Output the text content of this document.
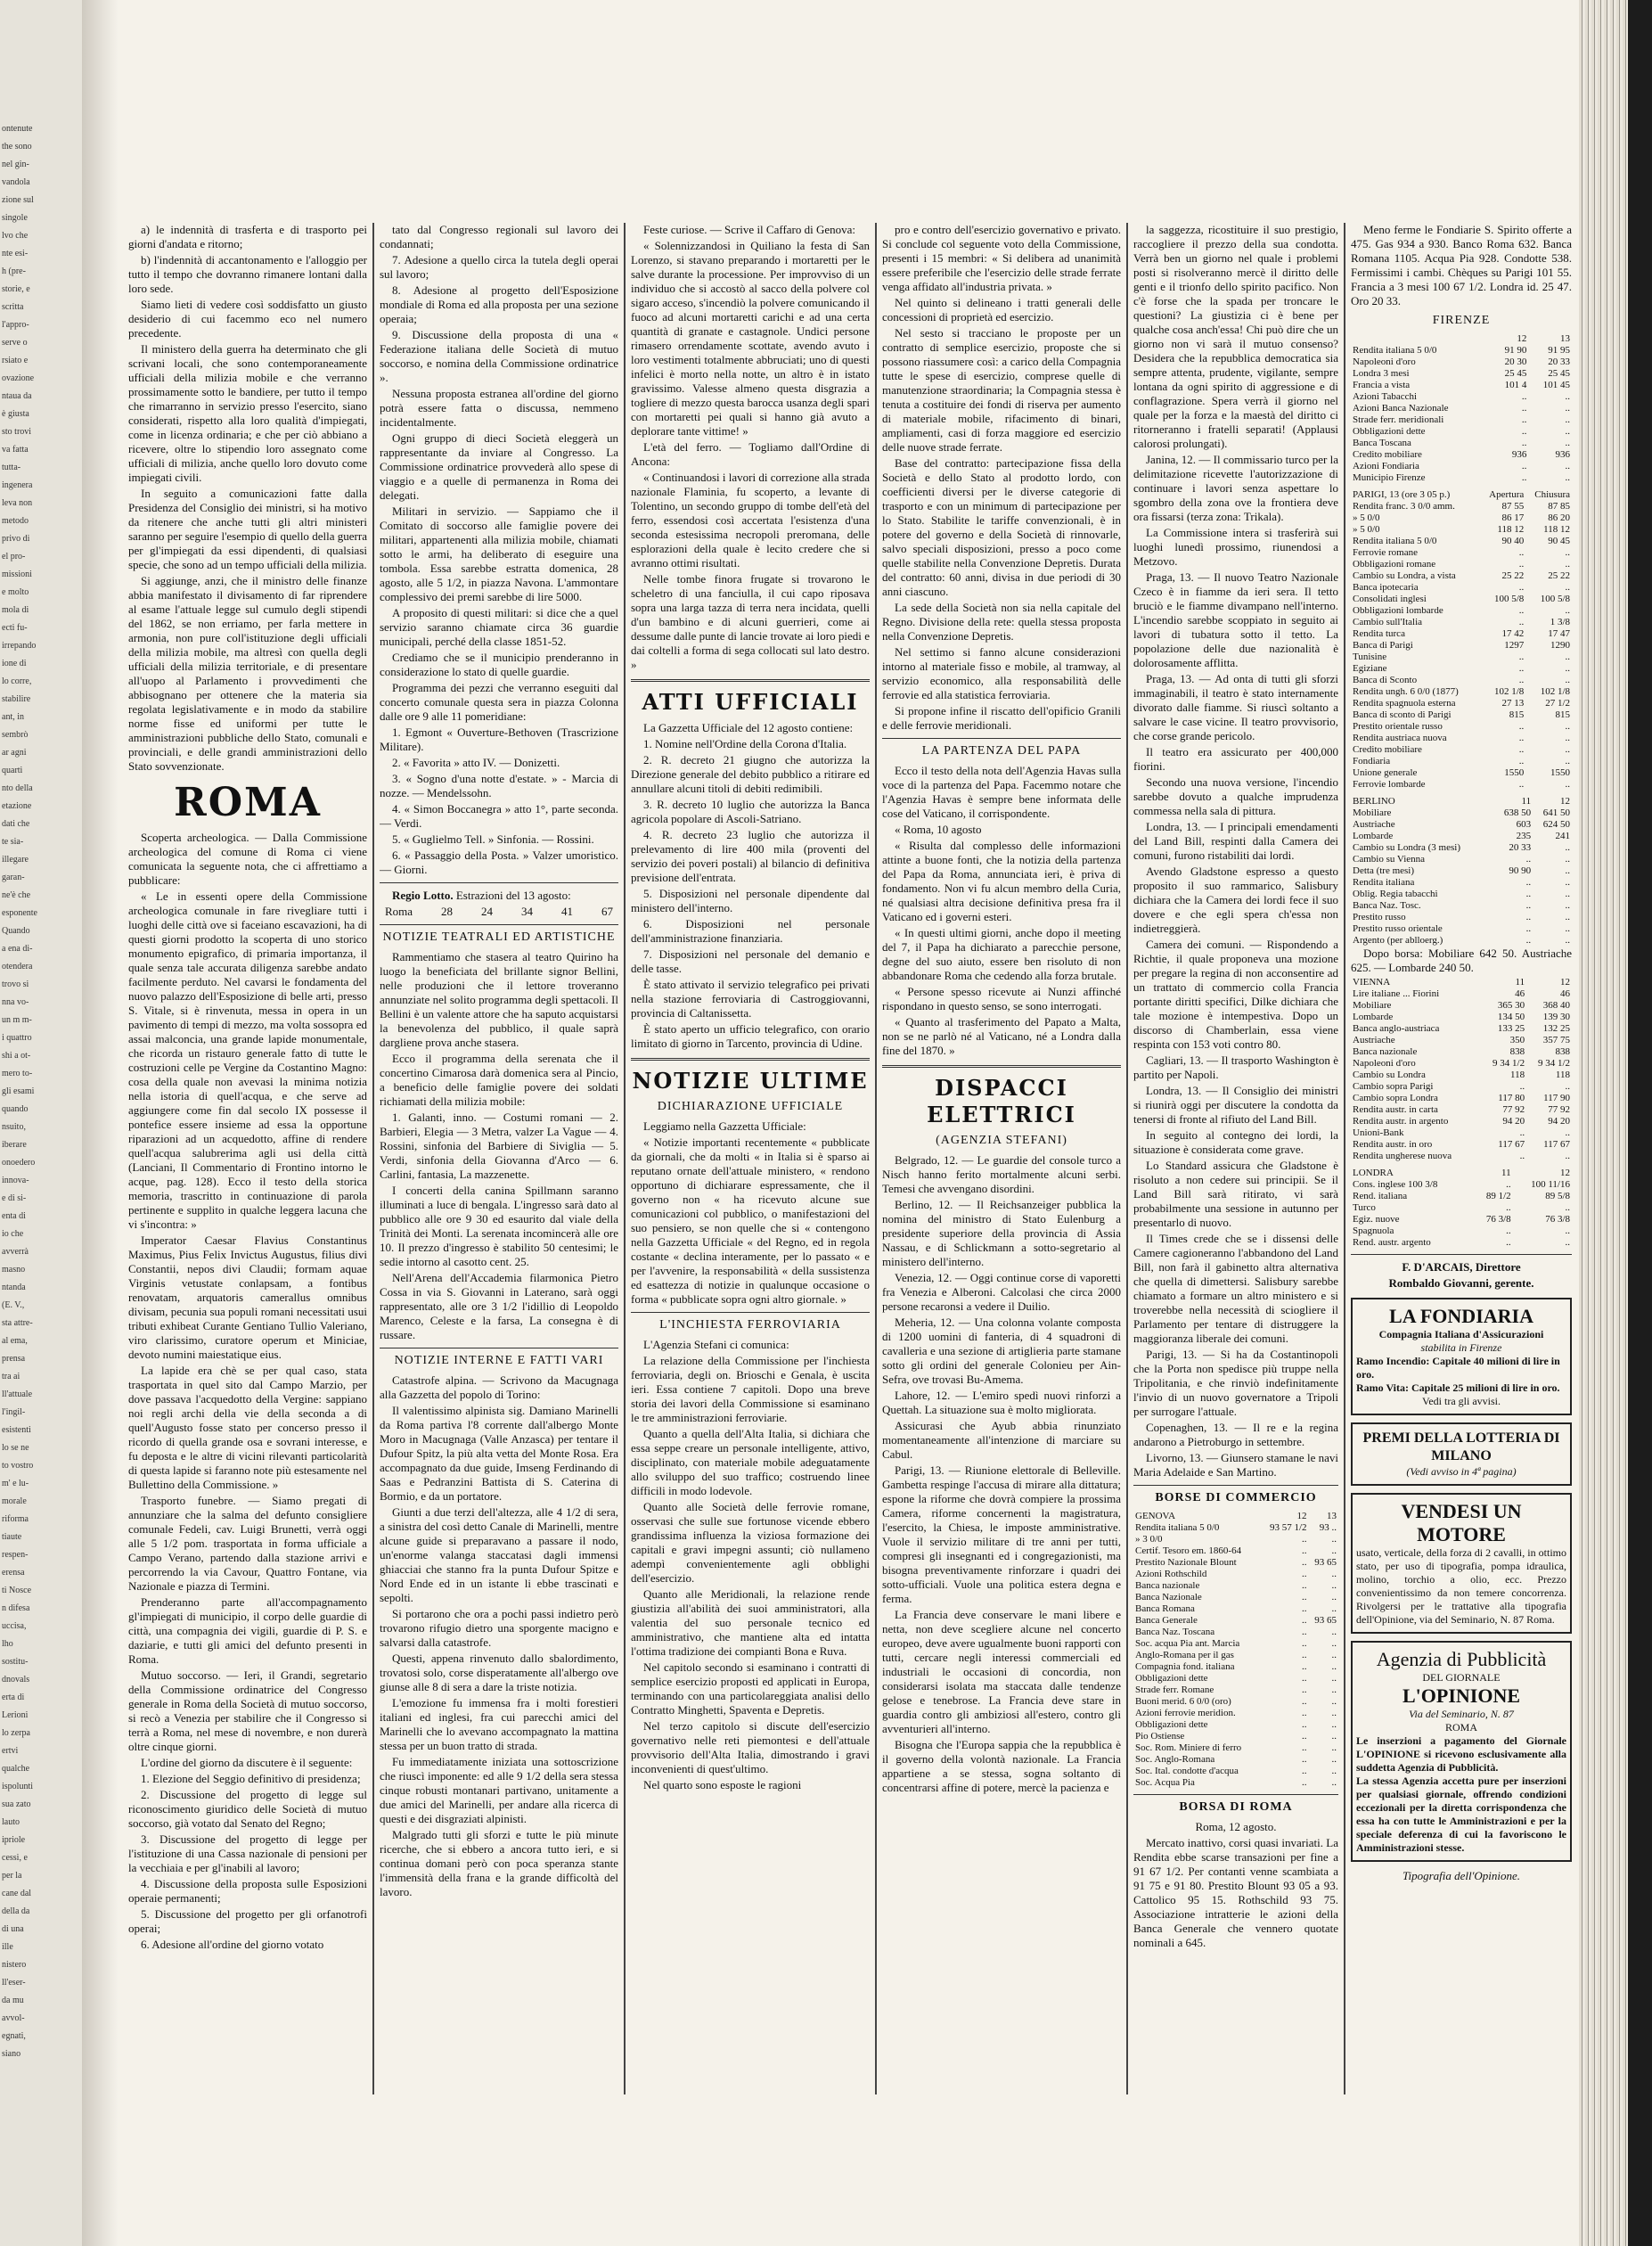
ontenute
the sono
nel gin-
vandola
zione sul
singole
lvo che
nte esi-
h (pre-
storie, e
scritta
l'appro-
serve o
rsiato e
ovazione
ntaua da
è giusta
sto trovi
va fatta
tutta-
ingenera
leva non
metodo
privo di
el pro-
missioni
e molto
mola di
ecti fu-
irrepando
ione di
lo corre,
stabilire
ant, in
sembrò
ar agni
quarti
nto della
etazione
dati che
te sia-
illegare
garan-
ne'è che
esponente
Quando
a ena di-
otendera
trovo si
nna vo-
un m m-
i quattro
shi a ot-
mero to-
gli esami
quando
nsuito,
iberare
onoedero
innova-
e di si-
enta di
io che
avverrà
masno
ntanda
(E. V.,
sta attre-
al ema,
prensa
tra ai
ll'attuale
l'ingil-
esistenti
lo se ne
to vostro
m' e lu-
morale
riforma
tiaute
respen-
erensa
ti Nosce
n difesa
uccisa,
lho
sostitu-
dnovals
erta di
Lerioni
lo zerpa
ertvi
qualche
ispolunti
sua zato
lauto
ipriole
cessi, e
per la
cane dal
della da
di una
ille
nistero
ll'eser-
da mu
avvol-
egnati,
siano

a) le indennità di trasferta e di trasporto pei giorni d'andata e ritorno;

b) l'indennità di accantonamento e l'alloggio per tutto il tempo che dovranno rimanere lontani dalla loro sede.

Siamo lieti di vedere così soddisfatto un giusto desiderio di cui facemmo eco nel numero precedente.

Il ministero della guerra ha determinato che gli scrivani locali, che sono contemporaneamente ufficiali della milizia mobile e che verranno prossimamente sotto le bandiere, per tutto il tempo che rimarranno in servizio presso l'esercito, siano considerati, rispetto alla loro qualità d'impiegati, come in licenza ordinaria; e che per ciò abbiano a ricevere, oltre lo stipendio loro assegnato come ufficiali di milizia, anche quello loro dovuto come impiegati civili.

In seguito a comunicazioni fatte dalla Presidenza del Consiglio dei ministri, si ha motivo da ritenere che anche tutti gli altri ministeri saranno per seguire l'esempio di quello della guerra per gl'impiegati da essi dipendenti, di qualsiasi specie, che sono ad un tempo ufficiali della milizia.

Si aggiunge, anzi, che il ministro delle finanze abbia manifestato il divisamento di far riprendere al esame l'attuale legge sul cumulo degli stipendi del 1862, se non erriamo, per farla mettere in armonia, non pure coll'istituzione degli ufficiali della milizia mobile, ma altresì con quella degli ufficiali della milizia territoriale, e di presentare all'uopo al Parlamento i provvedimenti che abbisognano per ottenere che la materia sia regolata legislativamente e in modo da stabilire norme fisse ed uniformi per tutte le amministrazioni pubbliche dello Stato, comunali e provinciali, e delle grandi amministrazioni dello Stato sovvenzionate.

ROMA

Scoperta archeologica. — Dalla Commissione archeologica del comune di Roma ci viene comunicata la seguente nota, che ci affrettiamo a pubblicare:

« Le in essenti opere della Commissione archeologica comunale in fare rivegliare tutti i luoghi delle città ove si faceiano escavazioni, ha di questi giorni prodotto la scoperta di uno storico monumento epigrafico, di primaria importanza, il quale senza tale accurata diligenza sarebbe andato facilmente perduto. Nel cavarsi le fondamenta del nuovo palazzo dell'Esposizione di belle arti, presso S. Vitale, si è rinvenuta, messa in opera in un pavimento di tempi di mezzo, ma volta sossopra ed assai malconcia, una grande lapide monumentale, che ricorda un ristauro generale fatto di tutte le costruzioni celle pe Vergine da Costantino Magno: cosa della quale non avevasi la minima notizia nella istoria di quell'acqua, e che serve ad aggiungere come fin dal secolo IX possesse il pontefice essere insieme ad essa la opportune riparazioni ad un acquedotto, affine di rendere quell'acqua salubrerima agli usi della città (Lanciani, Il Commentario di Frontino intorno le acque, pag. 128). Ecco il testo della storica memoria, trascritto in continuazione di parola pertinente e supplito in qualche leggera lacuna che vi s'incontra: »

Imperator Caesar Flavius Constantinus Maximus, Pius Felix Invictus Augustus, filius divi Constantii, nepos divi Claudii; formam aquae Virginis vetustate conlapsam, a fontibus renovatam, arquatoris camerallus omnibus divisam, pecunia sua populi romani necessitati usui tributi exhibeat Curante Gentiano Tullio Valeriano, viro clarissimo, curatore operum et Miniciae, devoto numini maiestatique eius.

La lapide era chè se per qual caso, stata trasportata in quel sito dal Campo Marzio, per dove passava l'acquedotto della Vergine: sappiano noi regli archi della vie della seconda a di quell'Augusto fosse stato per concerso presso il ricordo di quella grande osa e sovrani interesse, e fu deposta e le altre di vicini rilevanti particolarità di questa lapide si faranno note più estesamente nel Bullettino della Commissione. »

Trasporto funebre. — Siamo pregati di annunziare che la salma del defunto consigliere comunale Fedeli, cav. Luigi Brunetti, verrà oggi alle 5 1/2 pom. trasportata in forma ufficiale a Campo Verano, partendo dalla stazione arrivi e percorrendo la via Cavour, Quattro Fontane, via Nazionale e piazza di Termini.

Prenderanno parte all'accompagnamento gl'impiegati di municipio, il corpo delle guardie di città, una compagnia dei vigili, guardie di P. S. e daziarie, e tutti gli amici del defunto presenti in Roma.

Mutuo soccorso. — Ieri, il Grandi, segretario della Commissione ordinatrice del Congresso generale in Roma della Società di mutuo soccorso, si recò a Venezia per stabilire che il Congresso si terrà a Roma, nel mese di novembre, e non durerà oltre cinque giorni.

L'ordine del giorno da discutere è il seguente:

1. Elezione del Seggio definitivo di presidenza;

2. Discussione del progetto di legge sul riconoscimento giuridico delle Società di mutuo soccorso, già votato dal Senato del Regno;

3. Discussione del progetto di legge per l'istituzione di una Cassa nazionale di pensioni per la vecchiaia e per gl'inabili al lavoro;

4. Discussione della proposta sulle Esposizioni operaie permanenti;

5. Discussione del progetto per gli orfanotrofi operai;

6. Adesione all'ordine del giorno votato

tato dal Congresso regionali sul lavoro dei condannati;

7. Adesione a quello circa la tutela degli operai sul lavoro;

8. Adesione al progetto dell'Esposizione mondiale di Roma ed alla proposta per una sezione operaia;

9. Discussione della proposta di una « Federazione italiana delle Società di mutuo soccorso, e nomina della Commissione ordinatrice ».

Nessuna proposta estranea all'ordine del giorno potrà essere fatta o discussa, nemmeno incidentalmente.

Ogni gruppo di dieci Società eleggerà un rappresentante da inviare al Congresso. La Commissione ordinatrice provvederà allo spese di viaggio e a quelle di permanenza in Roma dei delegati.

Militari in servizio. — Sappiamo che il Comitato di soccorso alle famiglie povere dei militari, appartenenti alla milizia mobile, chiamati sotto le armi, ha deliberato di eseguire una tombola. Essa sarebbe estratta domenica, 28 agosto, alle 5 1/2, in piazza Navona. L'ammontare complessivo dei premi sarebbe di lire 5000.

A proposito di questi militari: si dice che a quel servizio saranno chiamate circa 36 guardie municipali, perché della classe 1851-52.

Crediamo che se il municipio prenderanno in considerazione lo stato di quelle guardie.

Programma dei pezzi che verranno eseguiti dal concerto comunale questa sera in piazza Colonna dalle ore 9 alle 11 pomeridiane:

1. Egmont « Ouverture-Bethoven (Trascrizione Militare).

2. « Favorita » atto IV. — Donizetti.

3. « Sogno d'una notte d'estate. » - Marcia di nozze. — Mendelssohn.

4. « Simon Boccanegra » atto 1°, parte seconda. — Verdi.

5. « Guglielmo Tell. » Sinfonia. — Rossini.

6. « Passaggio della Posta. » Valzer umoristico. — Giorni.

Regio Lotto. Estrazioni del 13 agosto:

Roma 28 24 34 41 67
NOTIZIE TEATRALI ED ARTISTICHE

Rammentiamo che stasera al teatro Quirino ha luogo la beneficiata del brillante signor Bellini, nelle produzioni che il lettore troveranno annunziate nel solito programma degli spettacoli. Il Bellini è un valente attore che ha saputo acquistarsi la benevolenza del pubblico, il quale saprà dargliene prova anche stasera.

Ecco il programma della serenata che il concertino Cimarosa darà domenica sera al Pincio, a beneficio delle famiglie povere dei soldati richiamati della milizia mobile:

1. Galanti, inno. — Costumi romani — 2. Barbieri, Elegia — 3 Metra, valzer La Vague — 4. Rossini, sinfonia del Barbiere di Siviglia — 5. Verdi, sinfonia della Giovanna d'Arco — 6. Carlini, fantasia, La mazzenette.

I concerti della canina Spillmann saranno illuminati a luce di bengala. L'ingresso sarà dato al pubblico alle ore 9 30 ed esaurito dal viale della Trinità dei Monti. La serenata incomincerà alle ore 10. Il prezzo d'ingresso è stabilito 50 centesimi; le sedie intorno al casotto cent. 25.

Nell'Arena dell'Accademia filarmonica Pietro Cossa in via S. Giovanni in Laterano, sarà oggi rappresentato, alle ore 3 1/2 l'idillio di Leopoldo Marenco, Celeste e la farsa, La consegna è di russare.

NOTIZIE INTERNE E FATTI VARI

Catastrofe alpina. — Scrivono da Macugnaga alla Gazzetta del popolo di Torino:

Il valentissimo alpinista sig. Damiano Marinelli da Roma partiva l'8 corrente dall'albergo Monte Moro in Macugnaga (Valle Anzasca) per tentare il Dufour Spitz, la più alta vetta del Monte Rosa. Era accompagnato da due guide, Imseng Ferdinando di Saas e Pedranzini Battista di S. Caterina di Bormio, e da un portatore.

Giunti a due terzi dell'altezza, alle 4 1/2 di sera, a sinistra del così detto Canale di Marinelli, mentre alcune guide si preparavano a passare il nodo, un'enorme valanga staccatasi dagli immensi ghiacciai che stanno fra la punta Dufour Spitze e Nord Ende ed in un istante li ebbe trascinati e sepolti.

Si portarono che ora a pochi passi indietro però trovarono rifugio dietro una sporgente macigno e salvarsi dalla catastrofe.

Questi, appena rinvenuto dallo sbalordimento, trovatosi solo, corse disperatamente all'albergo ove giunse alle 8 di sera a dare la triste notizia.

L'emozione fu immensa fra i molti forestieri italiani ed inglesi, fra cui parecchi amici del Marinelli che lo avevano accompagnato la mattina stessa per un buon tratto di strada.

Fu immediatamente iniziata una sottoscrizione che riuscì imponente: ed alle 9 1/2 della sera stessa cinque robusti montanari partivano, unitamente a due amici del Marinelli, per andare alla ricerca di questi e dei disgraziati alpinisti.

Malgrado tutti gli sforzi e tutte le più minute ricerche, che si ebbero a ancora tutto ieri, e si continua domani però con poca speranza stante l'immensità della frana e la grande difficoltà del lavoro.

Feste curiose. — Scrive il Caffaro di Genova:

« Solennizzandosi in Quiliano la festa di San Lorenzo, si stavano preparando i mortaretti per le salve durante la processione. Per improvviso di un individuo che si accostò al sacco della polvere col sigaro acceso, s'incendiò la polvere comunicando il fuoco ad alcuni mortaretti carichi e ad una certa quantità di granate e castagnole. Undici persone rimasero orrendamente scottate, avendo avuto i loro vestimenti totalmente abbruciati; uno di questi infelici è morto nella notte, un altro è in istato gravissimo. Valesse almeno questa disgrazia a togliere di mezzo questa barocca usanza degli spari con mortaretti pei quali si hanno già avuto a deplorare tante vittime! »

L'età del ferro. — Togliamo dall'Ordine di Ancona:

« Continuandosi i lavori di correzione alla strada nazionale Flaminia, fu scoperto, a levante di Tolentino, un secondo gruppo di tombe dell'età del ferro, essendosi così accertata l'esistenza d'una seconda estesissima necropoli preromana, delle esplorazioni della quale è lecito credere che si avranno ottimi risultati.

Nelle tombe finora frugate si trovarono le scheletro di una fanciulla, il cui capo riposava sopra una larga tazza di terra nera incidata, quelli d'un bambino e di alcuni guerrieri, come ai dessume dalle punte di lancie trovate ai loro piedi e dai coltelli a forma di sega collocati sul lato destro. »

ATTI UFFICIALI

La Gazzetta Ufficiale del 12 agosto contiene:

1. Nomine nell'Ordine della Corona d'Italia.

2. R. decreto 21 giugno che autorizza la Direzione generale del debito pubblico a ritirare ed annullare alcuni titoli di debiti redimibili.

3. R. decreto 10 luglio che autorizza la Banca agricola popolare di Ascoli-Satriano.

4. R. decreto 23 luglio che autorizza il prelevamento di lire 400 mila (proventi del servizio dei poveri postali) al bilancio di definitiva previsione dell'entrata.

5. Disposizioni nel personale dipendente dal ministero dell'interno.

6. Disposizioni nel personale dell'amministrazione finanziaria.

7. Disposizioni nel personale del demanio e delle tasse.

È stato attivato il servizio telegrafico pei privati nella stazione ferroviaria di Castroggiovanni, provincia di Caltanissetta.

È stato aperto un ufficio telegrafico, con orario limitato di giorno in Tarcento, provincia di Udine.

NOTIZIE ULTIME
DICHIARAZIONE UFFICIALE

Leggiamo nella Gazzetta Ufficiale:

« Notizie importanti recentemente « pubblicate da giornali, che da molti « in Italia si è sparso ai reputano ornate dell'attuale ministero, « rendono opportuno di dichiarare espressamente, che il governo non « ha ricevuto alcune sue comunicazioni col pubblico, o manifestazioni del suo pensiero, se non quelle che si « contengono nella Gazzetta Ufficiale « del Regno, ed in regola costante « declina interamente, per lo passato « e per l'avvenire, la responsabilità « della sussistenza ed esattezza di notizie in qualunque occasione o forma « pubblicate sopra ogni altro giornale. »

L'INCHIESTA FERROVIARIA

L'Agenzia Stefani ci comunica:

La relazione della Commissione per l'inchiesta ferroviaria, degli on. Brioschi e Genala, è uscita ieri. Essa contiene 7 capitoli. Dopo una breve storia dei lavori della Commissione si esaminano le tre amministrazioni ferroviarie.

Quanto a quella dell'Alta Italia, si dichiara che essa seppe creare un personale intelligente, attivo, disciplinato, con materiale mobile adeguatamente allo sviluppo del suo traffico; costruendo linee difficili in modo lodevole.

Quanto alle Società delle ferrovie romane, osservasi che sulle sue fortunose vicende ebbero grandissima influenza la viziosa formazione dei capitali e gravi impegni assunti; ciò nullameno adempì convenientemente agli obblighi dell'esercizio.

Quanto alle Meridionali, la relazione rende giustizia all'abilità dei suoi amministratori, alla valentia del suo personale tecnico ed amministrativo, che mantiene alta ed intatta l'ottima tradizione dei compianti Bona e Ruva.

Nel capitolo secondo si esaminano i contratti di semplice esercizio proposti ed applicati in Europa, terminando con una particolareggiata analisi dello Contratto Minghetti, Spaventa e Depretis.

Nel terzo capitolo si discute dell'esercizio governativo nelle reti piemontesi e dell'attuale provvisorio dell'Alta Italia, dimostrando i gravi inconvenienti di quest'ultimo.

Nel quarto sono esposte le ragioni

pro e contro dell'esercizio governativo e privato. Si conclude col seguente voto della Commissione, presenti i 15 membri: « Si delibera ad unanimità essere preferibile che l'esercizio delle strade ferrate venga affidato all'industria privata. »

Nel quinto si delineano i tratti generali delle concessioni di proprietà ed esercizio.

Nel sesto si tracciano le proposte per un contratto di semplice esercizio, proposte che si possono riassumere così: a carico della Compagnia tutte le spese di esercizio, comprese quelle di manutenzione straordinaria; la Compagnia stessa è tenuta a costituire dei fondi di riserva per aumento di materiale mobile, rifacimento di binari, ampliamenti, casi di forza maggiore ed esercizio delle nuove strade ferrate.

Base del contratto: partecipazione fissa della Società e dello Stato al prodotto lordo, con coefficienti diversi per le diverse categorie di trasporto e con un minimum di partecipazione per lo Stato. Stabilite le tariffe convenzionali, è in potere del governo e della Società di rinnovarle, salvo speciali disposizioni, presso a poco come quelle stabilite nella Convenzione Depretis. Durata del contratto: 60 anni, divisa in due periodi di 30 anni ciascuno.

La sede della Società non sia nella capitale del Regno. Divisione della rete: quella stessa proposta nella Convenzione Depretis.

Nel settimo si fanno alcune considerazioni intorno al materiale fisso e mobile, al tramway, al servizio economico, alla responsabilità delle ferrovie ed alla statistica ferroviaria.

Si propone infine il riscatto dell'opificio Granili e delle ferrovie meridionali.

LA PARTENZA DEL PAPA

Ecco il testo della nota dell'Agenzia Havas sulla voce di la partenza del Papa. Facemmo notare che l'Agenzia Havas è sempre bene informata delle cose del Vaticano, il corrispondente.

« Roma, 10 agosto

« Risulta dal complesso delle informazioni attinte a buone fonti, che la notizia della partenza del Papa da Roma, annunciata ieri, è priva di fondamento. Non vi fu alcun membro della Curia, né qualsiasi altra decisione definitiva presa fra il Vaticano ed i governi esteri.

« In questi ultimi giorni, anche dopo il meeting del 7, il Papa ha dichiarato a parecchie persone, degne del suo aiuto, essere ben risoluto di non abbandonare Roma che cedendo alla forza brutale.

« Persone spesso ricevute ai Nunzi affinché rispondano in questo senso, se sono interrogati.

« Quanto al trasferimento del Papato a Malta, non se ne parlò né al Vaticano, né a Londra dalla fine del 1870. »

DISPACCI ELETTRICI
(AGENZIA STEFANI)

Belgrado, 12. — Le guardie del console turco a Nisch hanno ferito mortalmente alcuni serbi. Temesi che avvengano disordini.

Berlino, 12. — Il Reichsanzeiger pubblica la nomina del ministro di Stato Eulenburg a presidente superiore della provincia di Assia Nassau, e di Schlickmann a sotto-segretario al ministero dell'interno.

Venezia, 12. — Oggi continue corse di vaporetti fra Venezia e Alberoni. Calcolasi che circa 2000 persone recaronsi a vedere il Duilio.

Meheria, 12. — Una colonna volante composta di 1200 uomini di fanteria, di 4 squadroni di cavalleria e una sezione di artiglieria parte stamane sotto gli ordini del generale Colonieu per Ain-Sefra, ove trovasi Bu-Amema.

Lahore, 12. — L'emiro spedì nuovi rinforzi a Quettah. La situazione sua è molto migliorata.

Assicurasi che Ayub abbia rinunziato momentaneamente all'intenzione di marciare su Cabul.

Parigi, 13. — Riunione elettorale di Belleville. Gambetta respinge l'accusa di mirare alla dittatura; espone la riforme che dovrà compiere la prossima Camera, riforme concernenti la magistratura, l'esercito, la Chiesa, le imposte amministrative. Vuole il servizio militare di tre anni per tutti, compresi gli insegnanti ed i congregazionisti, ma bisogna preventivamente rinforzare i quadri dei sotto-ufficiali. Vuole una politica estera degna e ferma.

La Francia deve conservare le mani libere e netta, non deve scegliere alcune nel concerto europeo, deve avere ugualmente buoni rapporti con tutti, cercare negli interessi commerciali ed industriali le occasioni di concordia, non considerarsi isolata ma staccata dalle tendenze gelose e tenebrose. La Francia deve stare in guardia contro gli ambiziosi all'estero, contro gli avventurieri all'interno.

Bisogna che l'Europa sappia che la repubblica è il governo della volontà nazionale. La Francia appartiene a se stessa, sogna soltanto di concentrarsi affine di potere, mercè la pacienza e

la saggezza, ricostituire il suo prestigio, raccogliere il prezzo della sua condotta. Verrà ben un giorno nel quale i problemi posti si risolveranno mercè il diritto delle genti e il trionfo dello spirito pacifico. Non c'è forse che la spada per troncare le questioni? La giustizia ci è bene per qualche cosa anch'essa! Chi può dire che un giorno non vi sarà il mutuo consenso? Desidera che la repubblica democratica sia sempre attenta, prudente, vigilante, sempre lontana da ogni spirito di aggressione e di conflagrazione. Spera verrà il giorno nel quale per la forza e la maestà del diritto ci ritorneranno i fratelli separati! (Applausi calorosi prolungati).

Janina, 12. — Il commissario turco per la delimitazione ricevette l'autorizzazione di continuare i lavori senza aspettare lo sgombro della zona ove la frontiera deve ora fissarsi (terza zona: Trikala).

La Commissione intera si trasferirà sui luoghi lunedì prossimo, riunendosi a Metzovo.

Praga, 13. — Il nuovo Teatro Nazionale Czeco è in fiamme da ieri sera. Il tetto bruciò e le fiamme divampano nell'interno. L'incendio sarebbe scoppiato in seguito ai lavori di tubatura sotto il tetto. La popolazione delle due nazionalità è dolorosamente afflitta.

Praga, 13. — Ad onta di tutti gli sforzi immaginabili, il teatro è stato internamente divorato dalle fiamme. Si riuscì soltanto a salvare le case vicine. Il teatro provvisorio, che corse grande pericolo.

Il teatro era assicurato per 400,000 fiorini.

Secondo una nuova versione, l'incendio sarebbe dovuto a qualche imprudenza commessa nella sala di pittura.

Londra, 13. — I principali emendamenti del Land Bill, respinti dalla Camera dei comuni, furono ristabiliti dai lordi.

Avendo Gladstone espresso a questo proposito il suo rammarico, Salisbury dichiara che la Camera dei lordi fece il suo dovere e che egli spera ch'essa non indietreggierà.

Camera dei comuni. — Rispondendo a Richtie, il quale proponeva una mozione per pregare la regina di non acconsentire ad un trattato di commercio colla Francia portante diritti specifici, Dilke dichiara che tale mozione è intempestiva. Dopo un discorso di Chamberlain, essa viene respinta con 153 voti contro 80.

Cagliari, 13. — Il trasporto Washington è partito per Napoli.

Londra, 13. — Il Consiglio dei ministri si riunirà oggi per discutere la condotta da tenersi di fronte al rifiuto del Land Bill.

In seguito al contegno dei lordi, la situazione è considerata come grave.

Lo Standard assicura che Gladstone è risoluto a non cedere sui principii. Se il Land Bill sarà ritirato, vi sarà probabilmente una sessione in autunno per presentarlo di nuovo.

Il Times crede che se i dissensi delle Camere cagioneranno l'abbandono del Land Bill, non farà il gabinetto altra alternativa che quella di dimettersi. Salisbury sarebbe chiamato a formare un altro ministero e si troverebbe nella necessità di sciogliere il Parlamento per tentare di distruggere la maggioranza liberale dei comuni.

Parigi, 13. — Si ha da Costantinopoli che la Porta non spedisce più truppe nella Tripolitania, e che rinviò indefinitamente l'invio di un nuovo governatore a Tripoli per surrogare l'attuale.

Copenaghen, 13. — Il re e la regina andarono a Pietroburgo in settembre.

Livorno, 13. — Giunsero stamane le navi Maria Adelaide e San Martino.

BORSE DI COMMERCIO
GENOVA	12	13
Rendita italiana 5 0/0	93 57 1/2	93 ..
» 3 0/0	..	..
Certif. Tesoro em. 1860-64	..	..
Prestito Nazionale Blount	..	93 65
Azioni Rothschild	..	..
Banca nazionale	..	..
Banca Nazionale	..	..
Banca Romana	..	..
Banca Generale	..	93 65
Banca Naz. Toscana	..	..
Soc. acqua Pia ant. Marcia	..	..
Anglo-Romana per il gas	..	..
Compagnia fond. italiana	..	..
Obbligazioni dette	..	..
Strade ferr. Romane	..	..
Buoni merid. 6 0/0 (oro)	..	..
Azioni ferrovie meridion.	..	..
Obbligazioni dette	..	..
Pio Ostiense	..	..
Soc. Rom. Miniere di ferro	..	..
Soc. Anglo-Romana	..	..
Soc. Ital. condotte d'acqua	..	..
Soc. Acqua Pia	..	..
BORSA DI ROMA

Roma, 12 agosto.

Mercato inattivo, corsi quasi invariati. La Rendita ebbe scarse transazioni per fine a 91 67 1/2. Per contanti venne scambiata a 91 75 e 91 80. Prestito Blount 93 05 a 93. Cattolico 95 15. Rothschild 93 75. Associazione intratterie le azioni della Banca Generale che vennero quotate nominali a 645.

Meno ferme le Fondiarie S. Spirito offerte a 475. Gas 934 a 930. Banco Roma 632. Banca Romana 1105. Acqua Pia 928. Condotte 538. Fermissimi i cambi. Chèques su Parigi 101 55. Francia a 3 mesi 100 67 1/2. Londra id. 25 47. Oro 20 33.

FIRENZE
	12	13
Rendita italiana 5 0/0	91 90	91 95
Napoleoni d'oro	20 30	20 33
Londra 3 mesi	25 45	25 45
Francia a vista	101 4	101 45
Azioni Tabacchi	..	..
Azioni Banca Nazionale	..	..
Strade ferr. meridionali	..	..
Obbligazioni dette	..	..
Banca Toscana	..	..
Credito mobiliare	936	936
Azioni Fondiaria	..	..
Municipio Firenze	..	..
PARIGI, 13 (ore 3 05 p.)	Apertura	Chiusura
Rendita franc. 3 0/0 amm.	87 55	87 85
» 5 0/0	86 17	86 20
» 5 0/0	118 12	118 12
Rendita italiana 5 0/0	90 40	90 45
Ferrovie romane	..	..
Obbligazioni romane	..	..
Cambio su Londra, a vista	25 22	25 22
Banca ipotecaria	..	..
Consolidati inglesi	100 5/8	100 5/8
Obbligazioni lombarde	..	..
Cambio sull'Italia	..	1 3/8
Rendita turca	17 42	17 47
Banca di Parigi	1297	1290
Tunisine	..	..
Egiziane	..	..
Banca di Sconto	..	..
Rendita ungh. 6 0/0 (1877)	102 1/8	102 1/8
Rendita spagnuola esterna	27 13	27 1/2
Banca di sconto di Parigi	815	815
Prestito orientale russo	..	..
Rendita austriaca nuova	..	..
Credito mobiliare	..	..
Fondiaria	..	..
Unione generale	1550	1550
Ferrovie lombarde	..	..
BERLINO	11	12
Mobiliare	638 50	641 50
Austriache	603	624 50
Lombarde	235	241
Cambio su Londra (3 mesi)	20 33	..
Cambio su Vienna	..	..
Detta (tre mesi)	90 90	..
Rendita italiana	..	..
Oblig. Regia tabacchi	..	..
Banca Naz. Tosc.	..	..
Prestito russo	..	..
Prestito russo orientale	..	..
Argento (per ablloerg.)	..	..

Dopo borsa: Mobiliare 642 50. Austriache 625. — Lombarde 240 50.

VIENNA	11	12
Lire italiane ... Fiorini	46	46
Mobiliare	365 30	368 40
Lombarde	134 50	139 30
Banca anglo-austriaca	133 25	132 25
Austriache	350	357 75
Banca nazionale	838	838
Napoleoni d'oro	9 34 1/2	9 34 1/2
Cambio su Londra	118	118
Cambio sopra Parigi	..	..
Cambio sopra Londra	117 80	117 90
Rendita austr. in carta	77 92	77 92
Rendita austr. in argento	94 20	94 20
Unioni-Bank	..	..
Rendita austr. in oro	117 67	117 67
Rendita ungherese nuova	..	..
LONDRA	11	12
Cons. inglese 100 3/8	..	100 11/16
Rend. italiana	89 1/2	89 5/8
Turco	..	..
Egiz. nuove	76 3/8	76 3/8
Spagnuola	..	..
Rend. austr. argento	..	..

F. D'ARCAIS, Direttore

Rombaldo Giovanni, gerente.

LA FONDIARIA
Compagnia Italiana d'Assicurazioni
stabilita in Firenze
Ramo Incendio: Capitale 40 milioni di lire in oro.
Ramo Vita: Capitale 25 milioni di lire in oro.
Vedi tra gli avvisi.
PREMI DELLA LOTTERIA DI MILANO
(Vedi avviso in 4ª pagina)
VENDESI UN MOTORE
usato, verticale, della forza di 2 cavalli, in ottimo stato, per uso di tipografia, pompa idraulica, molino, torchio a olio, ecc. Prezzo convenientissimo da non temere concorrenza. Rivolgersi per le trattative alla tipografia dell'Opinione, via del Seminario, N. 87 Roma.
Agenzia di Pubblicità
DEL GIORNALE
L'OPINIONE
Via del Seminario, N. 87
ROMA
Le inserzioni a pagamento del Giornale L'OPINIONE si ricevono esclusivamente alla suddetta Agenzia di Pubblicità.
La stessa Agenzia accetta pure per inserzioni per qualsiasi giornale, offrendo condizioni eccezionali per la diretta corrispondenza che essa ha con tutte le Amministrazioni e per la speciale deferenza di cui la favoriscono le Amministrazioni stesse.

Tipografia dell'Opinione.
